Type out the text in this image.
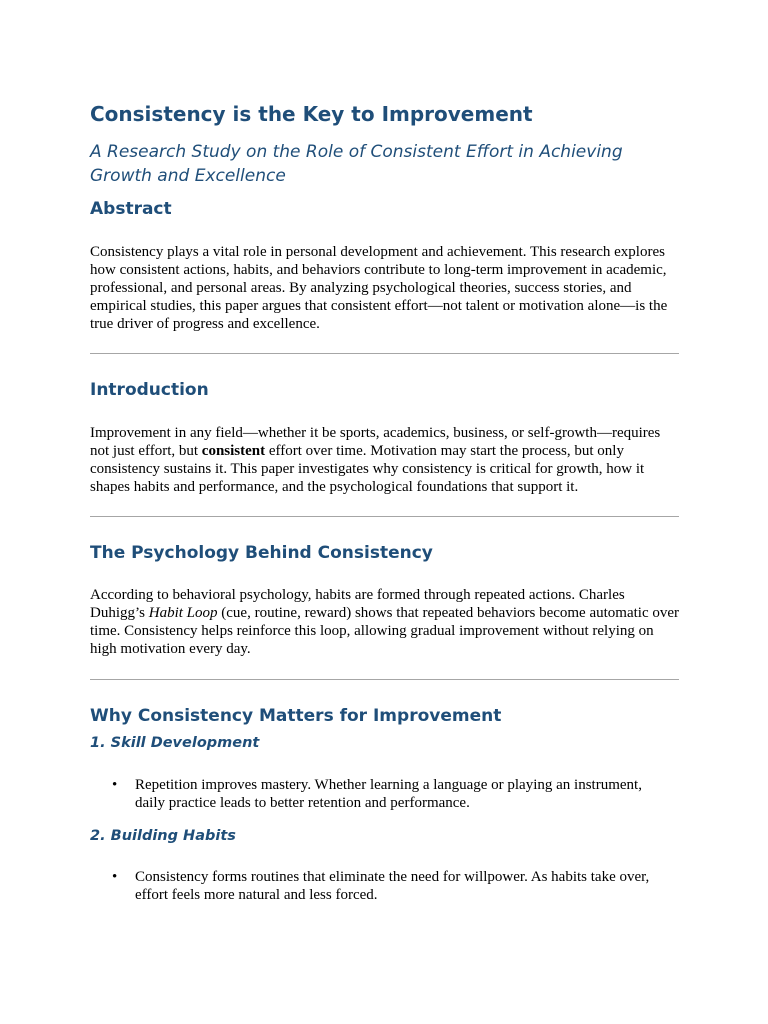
Consistency is the Key to Improvement

A Research Study on the Role of Consistent Effort in Achieving Growth and Excellence

Abstract

Consistency plays a vital role in personal development and achievement. This research explores how consistent actions, habits, and behaviors contribute to long-term improvement in academic, professional, and personal areas. By analyzing psychological theories, success stories, and empirical studies, this paper argues that consistent effort—not talent or motivation alone—is the true driver of progress and excellence.

Introduction

Improvement in any field—whether it be sports, academics, business, or self-growth—requires not just effort, but consistent effort over time. Motivation may start the process, but only consistency sustains it. This paper investigates why consistency is critical for growth, how it shapes habits and performance, and the psychological foundations that support it.

The Psychology Behind Consistency

According to behavioral psychology, habits are formed through repeated actions. Charles Duhigg’s Habit Loop (cue, routine, reward) shows that repeated behaviors become automatic over time. Consistency helps reinforce this loop, allowing gradual improvement without relying on high motivation every day.

Why Consistency Matters for Improvement
1. Skill Development
• Repetition improves mastery. Whether learning a language or playing an instrument, daily practice leads to better retention and performance.
2. Building Habits
• Consistency forms routines that eliminate the need for willpower. As habits take over, effort feels more natural and less forced.
